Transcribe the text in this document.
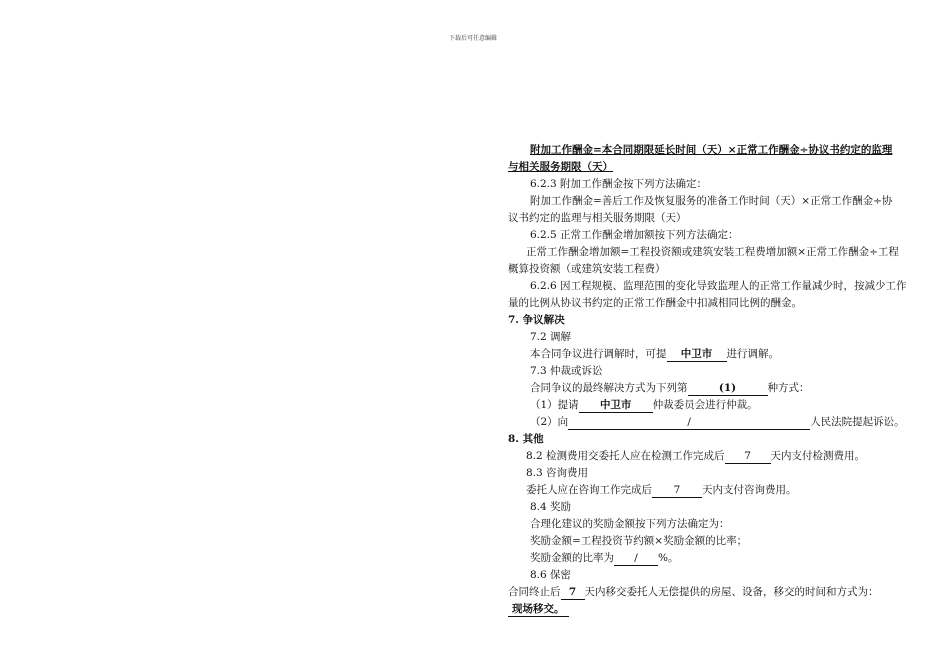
下载后可任意编辑
附加工作酬金=本合同期限延长时间（天）×正常工作酬金÷协议书约定的监理
与相关服务期限（天）
6.2.3 附加工作酬金按下列方法确定：
附加工作酬金=善后工作及恢复服务的准备工作时间（天）×正常工作酬金÷协
议书约定的监理与相关服务期限（天）
6.2.5 正常工作酬金增加额按下列方法确定：
正常工作酬金增加额=工程投资额或建筑安装工程费增加额×正常工作酬金÷工程
概算投资额（或建筑安装工程费）
6.2.6 因工程规模、监理范围的变化导致监理人的正常工作量减少时，按减少工作
量的比例从协议书约定的正常工作酬金中扣减相同比例的酬金。
7. 争议解决
7.2 调解
本合同争议进行调解时，可提 中卫市 进行调解。
7.3 仲裁或诉讼
合同争议的最终解决方式为下列第	(1)	种方式：
（1）提请 中卫市 仲裁委员会进行仲裁。
（2）向	/	人民法院提起诉讼。
8. 其他
8.2 检测费用交委托人应在检测工作完成后 7 天内支付检测费用。
8.3 咨询费用
委托人应在咨询工作完成后 7 天内支付咨询费用。
8.4 奖励
合理化建议的奖励金额按下列方法确定为：
奖励金额=工程投资节约额×奖励金额的比率；
奖励金额的比率为 / %。
8.6 保密
合同终止后 7 天内移交委托人无偿提供的房屋、设备，移交的时间和方式为：
现场移交。
